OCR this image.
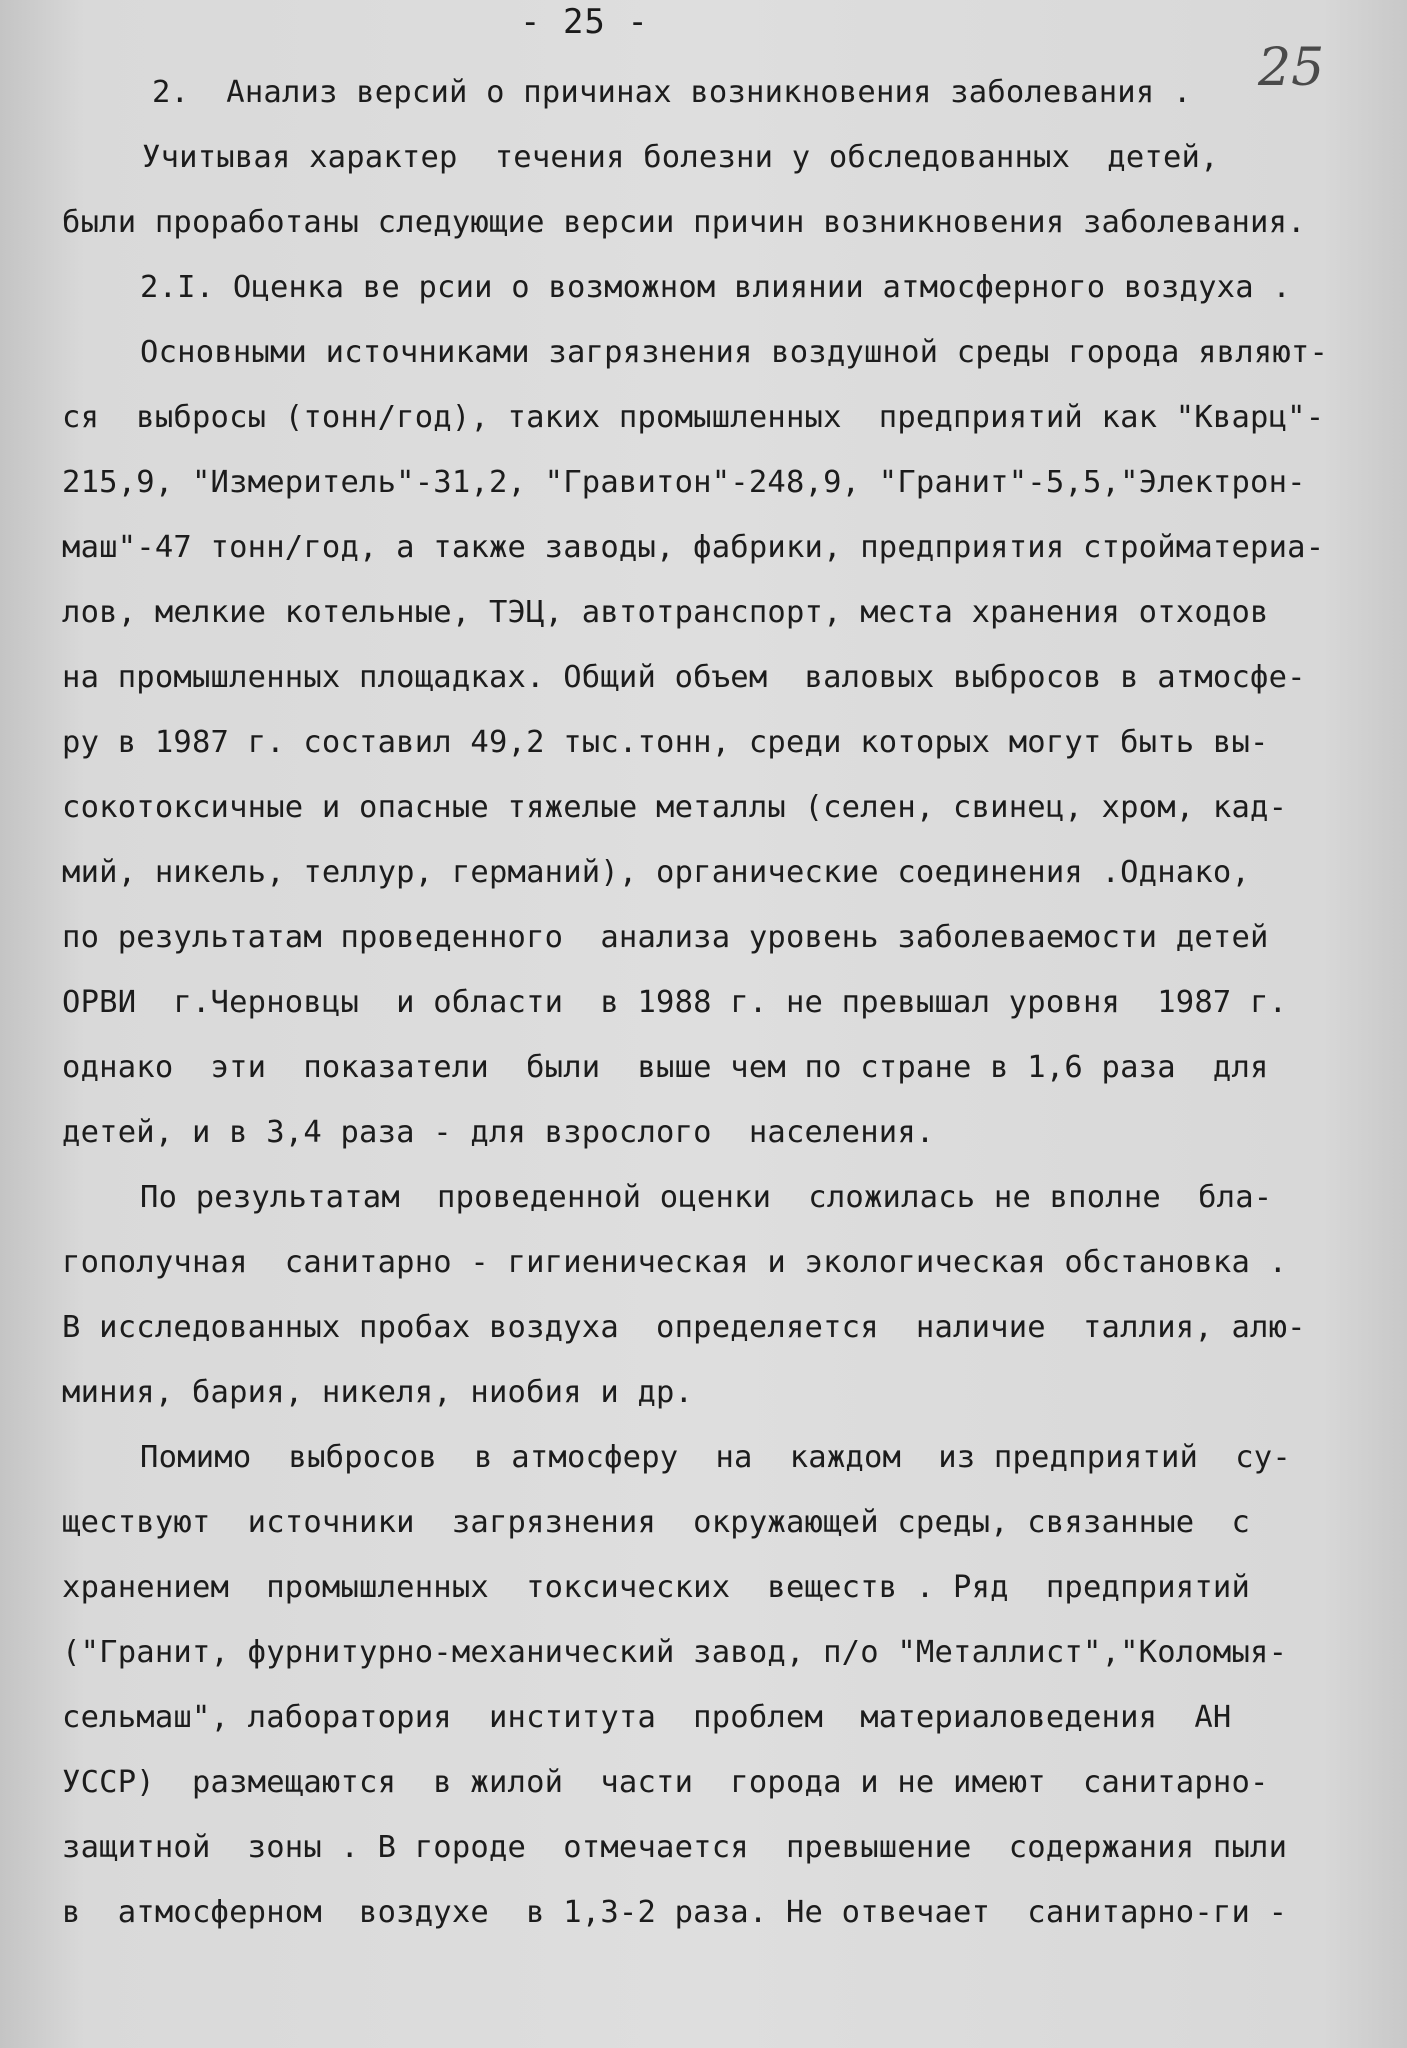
- 25 -
25

2.  Анализ версий о причинах возникновения заболевания .

Учитывая характер  течения болезни у обследованных  детей,
были проработаны следующие версии причин возникновения заболевания.

2.I. Оценка ве рсии о возможном влиянии атмосферного воздуха .

Основными источниками загрязнения воздушной среды города являют-
ся  выбросы (тонн/год), таких промышленных  предприятий как "Кварц"-
215,9, "Измеритель"-31,2, "Гравитон"-248,9, "Гранит"-5,5,"Электрон-
маш"-47 тонн/год, а также заводы, фабрики, предприятия стройматериа-
лов, мелкие котельные, ТЭЦ, автотранспорт, места хранения отходов
на промышленных площадках. Общий объем  валовых выбросов в атмосфе-
ру в 1987 г. составил 49,2 тыс.тонн, среди которых могут быть вы-
сокотоксичные и опасные тяжелые металлы (селен, свинец, хром, кад-
мий, никель, теллур, германий), органические соединения .Однако,
по результатам проведенного  анализа уровень заболеваемости детей
ОРВИ  г.Черновцы  и области  в 1988 г. не превышал уровня  1987 г.
однако  эти  показатели  были  выше чем по стране в 1,6 раза  для
детей, и в 3,4 раза - для взрослого  населения.

По результатам  проведенной оценки  сложилась не вполне  бла-
гополучная  санитарно - гигиеническая и экологическая обстановка .
В исследованных пробах воздуха  определяется  наличие  таллия, алю-
миния, бария, никеля, ниобия и др.

Помимо  выбросов  в атмосферу  на  каждом  из предприятий  су-
ществуют  источники  загрязнения  окружающей среды, связанные  с
хранением  промышленных  токсических  веществ . Ряд  предприятий
("Гранит, фурнитурно-механический завод, п/о "Металлист","Коломыя-
сельмаш", лаборатория  института  проблем  материаловедения  АН
УССР)  размещаются  в жилой  части  города и не имеют  санитарно-
защитной  зоны . В городе  отмечается  превышение  содержания пыли
в  атмосферном  воздухе  в 1,3-2 раза. Не отвечает  санитарно-ги -
